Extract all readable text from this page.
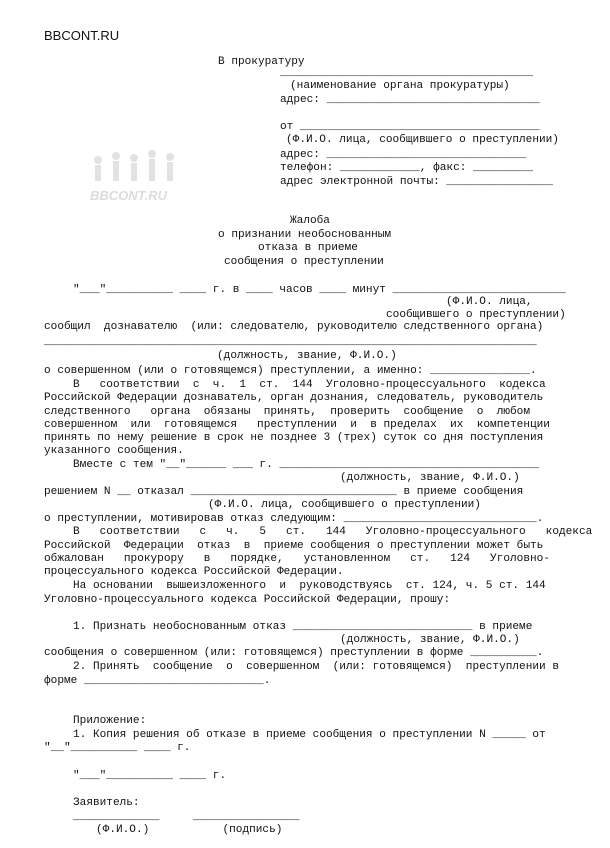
BBCONT.RU
BBCONT.RU
В прокуратуру
______________________________________
(наименование органа прокуратуры)
адрес: ________________________________
от ____________________________________
(Ф.И.О. лица, сообщившего о преступлении)
адрес: ______________________________
телефон: ____________, факс: _________
адрес электронной почты: ________________
Жалоба
о признании необоснованным
отказа в приеме
сообщения о преступлении
"___"__________ ____ г. в ____ часов ____ минут __________________________
(Ф.И.О. лица,
сообщившего о преступлении)
сообщил  дознавателю  (или: следователю, руководителю следственного органа)
__________________________________________________________________________
(должность, звание, Ф.И.О.)
о совершенном (или о готовящемся) преступлении, а именно: _______________.
В   соответствии  с  ч.  1  ст.  144  Уголовно-процессуального  кодекса
Российской Федерации дознаватель, орган дознания, следователь, руководитель
следственного   органа  обязаны  принять,  проверить  сообщение  о  любом
совершенном  или  готовящемся   преступлении  и  в пределах  их  компетенции
принять по нему решение в срок не позднее 3 (трех) суток со дня поступления
указанного сообщения.
Вместе с тем "__"______ ___ г. _______________________________________
(должность, звание, Ф.И.О.)
решением N __ отказал _______________________________ в приеме сообщения
(Ф.И.О. лица, сообщившего о преступлении)
о преступлении, мотивировав отказ следующим: _____________________________.
В   соответствии   с   ч.   5   ст.   144   Уголовно-процессуального   кодекса
Российской  Федерации  отказ  в  приеме сообщения о преступлении может быть
обжалован   прокурору   в   порядке,   установленном   ст.   124   Уголовно-
процессуального кодекса Российской Федерации.
На основании  вышеизложенного  и  руководствуясь  ст. 124, ч. 5 ст. 144
Уголовно-процессуального кодекса Российской Федерации, прошу:
1. Признать необоснованным отказ ___________________________ в приеме
(должность, звание, Ф.И.О.)
сообщения о совершенном (или: готовящемся) преступлении в форме __________.
2. Принять  сообщение  о  совершенном  (или: готовящемся)  преступлении в
форме ___________________________.
Приложение:
1. Копия решения об отказе в приеме сообщения о преступлении N _____ от
"__"__________ ____ г.
"___"__________ ____ г.
Заявитель:
_____________     ________________
(Ф.И.О.)           (подпись)
